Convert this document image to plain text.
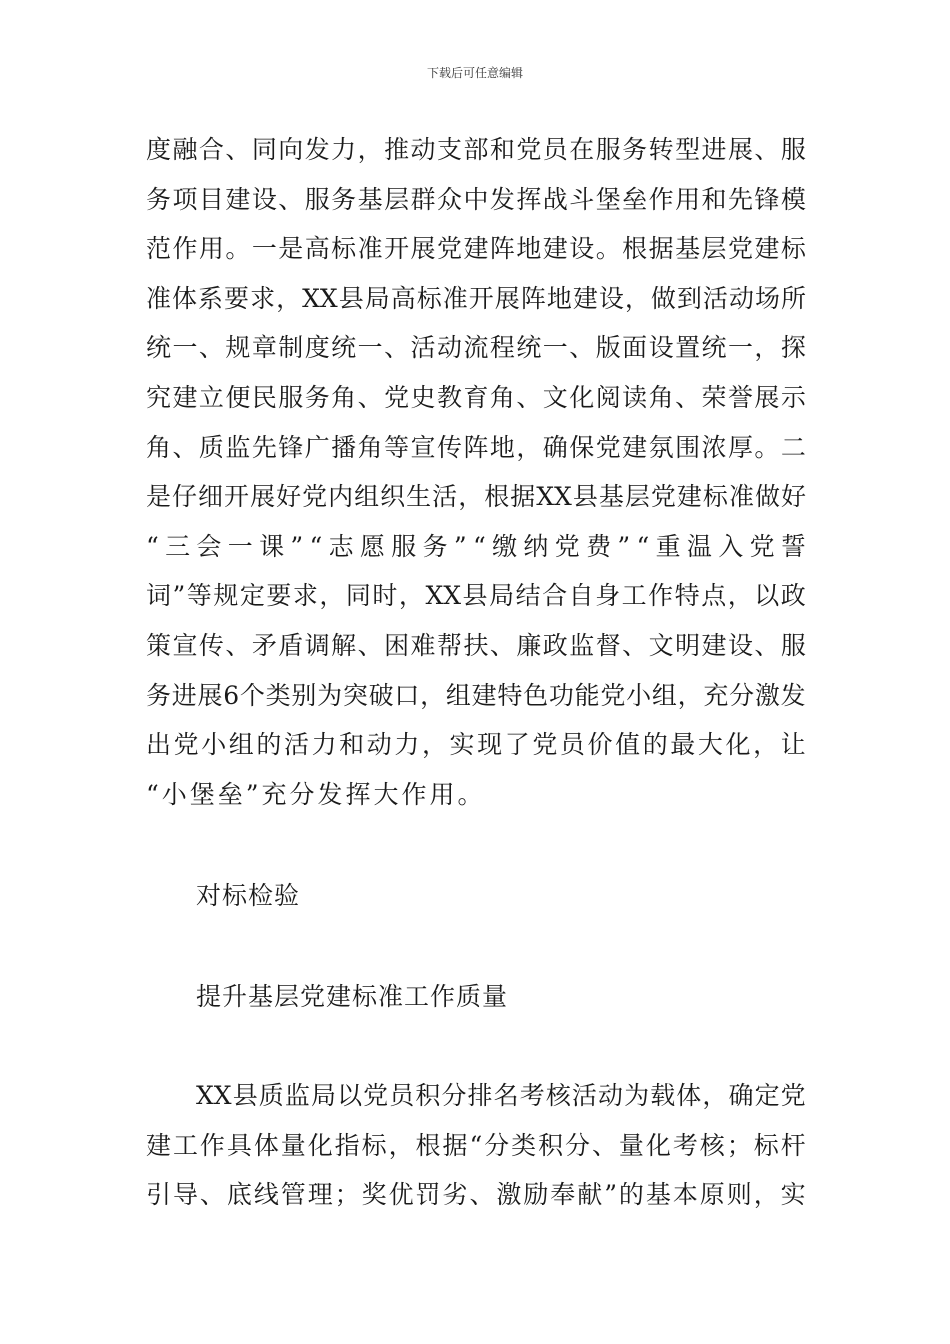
下载后可任意编辑
度 融 合 、 同 向 发 力 ， 推 动 支 部 和 党 员 在 服 务 转 型 进 展 、 服
务 项 目 建 设 、 服 务 基 层 群 众 中 发 挥 战 斗 堡 垒 作 用 和 先 锋 模
范 作 用 。 一 是 高 标 准 开 展 党 建 阵 地 建 设 。 根 据 基 层 党 建 标
准 体 系 要 求 ， XX 县 局 高 标 准 开 展 阵 地 建 设 ， 做 到 活 动 场 所
统 一 、 规 章 制 度 统 一 、 活 动 流 程 统 一 、 版 面 设 置 统 一 ， 探
究 建 立 便 民 服 务 角 、 党 史 教 育 角 、 文 化 阅 读 角 、 荣 誉 展 示
角 、 质 监 先 锋 广 播 角 等 宣 传 阵 地 ， 确 保 党 建 氛 围 浓 厚 。 二
是 仔 细 开 展 好 党 内 组 织 生 活 ， 根 据 XX 县 基 层 党 建 标 准 做 好
“ 三 会 一 课 ” “ 志 愿 服 务 ” “ 缴 纳 党 费 ” “ 重 温 入 党 誓
词 ” 等 规 定 要 求 ， 同 时 ， XX 县 局 结 合 自 身 工 作 特 点 ， 以 政
策 宣 传 、 矛 盾 调 解 、 困 难 帮 扶 、 廉 政 监 督 、 文 明 建 设 、 服
务 进 展 6 个 类 别 为 突 破 口 ， 组 建 特 色 功 能 党 小 组 ， 充 分 激 发
出 党 小 组 的 活 力 和 动 力 ， 实 现 了 党 员 价 值 的 最 大 化 ， 让
“小堡垒”充分发挥大作用。
对标检验
提升基层党建标准工作质量
XX 县 质 监 局 以 党 员 积 分 排 名 考 核 活 动 为 载 体 ， 确 定 党
建 工 作 具 体 量 化 指 标 ， 根 据 “ 分 类 积 分 、 量 化 考 核 ； 标 杆
引 导 、 底 线 管 理 ； 奖 优 罚 劣 、 激 励 奉 献 ” 的 基 本 原 则 ， 实
